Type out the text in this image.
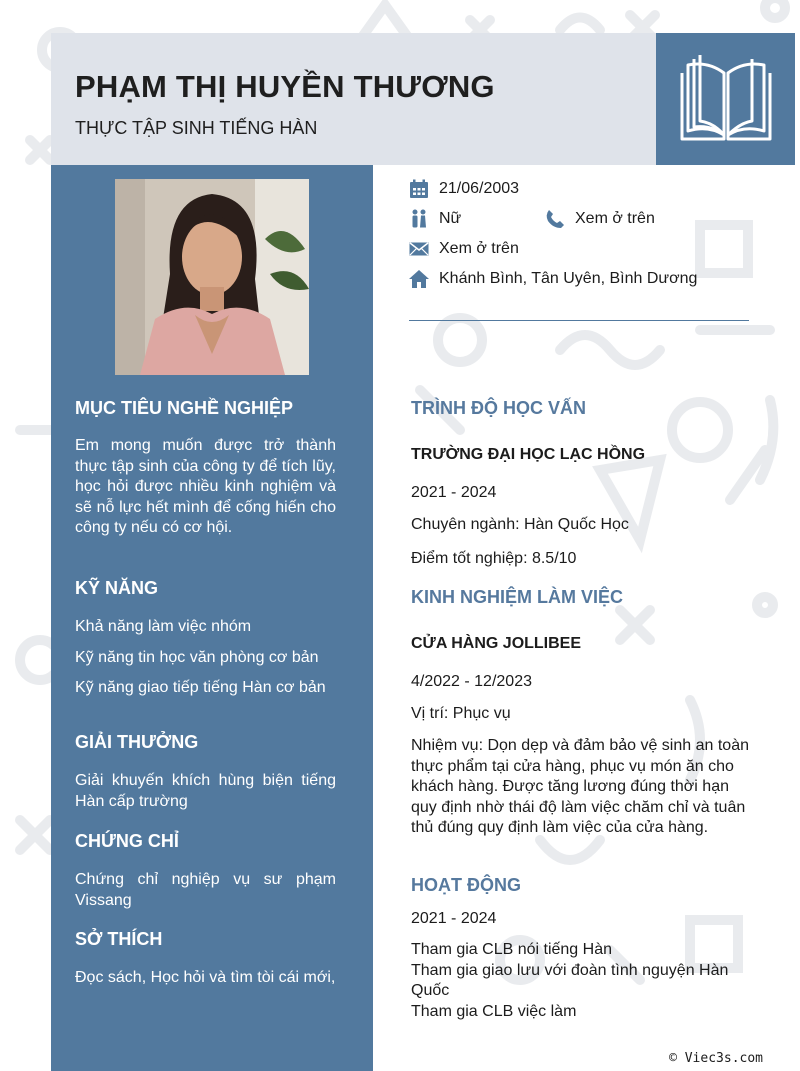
PHẠM THỊ HUYỀN THƯƠNG
THỰC TẬP SINH TIẾNG HÀN
MỤC TIÊU NGHỀ NGHIỆP
Em mong muốn được trở thành thực tập sinh của công ty để tích lũy, học hỏi được nhiều kinh nghiệm và sẽ nỗ lực hết mình để cống hiến cho công ty nếu có cơ hội.
KỸ NĂNG
Khả năng làm việc nhóm
Kỹ năng tin học văn phòng cơ bản
Kỹ năng giao tiếp tiếng Hàn cơ bản
GIẢI THƯỞNG
Giải khuyến khích hùng biện tiếng Hàn cấp trường
CHỨNG CHỈ
Chứng chỉ nghiệp vụ sư phạm Vissang
SỞ THÍCH
Đọc sách, Học hỏi và tìm tòi cái mới,
21/06/2003
Nữ	Xem ở trên
Xem ở trên
Khánh Bình, Tân Uyên, Bình Dương
TRÌNH ĐỘ HỌC VẤN
TRƯỜNG ĐẠI HỌC LẠC HỒNG
2021 - 2024
Chuyên ngành: Hàn Quốc Học
Điểm tốt nghiệp: 8.5/10
KINH NGHIỆM LÀM VIỆC
CỬA HÀNG JOLLIBEE
4/2022 - 12/2023
Vị trí: Phục vụ
Nhiệm vụ: Dọn dẹp và đảm bảo vệ sinh an toàn thực phẩm tại cửa hàng, phục vụ món ăn cho khách hàng. Được tăng lương đúng thời hạn quy định nhờ thái độ làm việc chăm chỉ và tuân thủ đúng quy định làm việc của cửa hàng.
HOẠT ĐỘNG
2021 - 2024
Tham gia CLB nói tiếng Hàn
Tham gia giao lưu với đoàn tình nguyện Hàn Quốc
Tham gia CLB việc làm
© Viec3s.com
